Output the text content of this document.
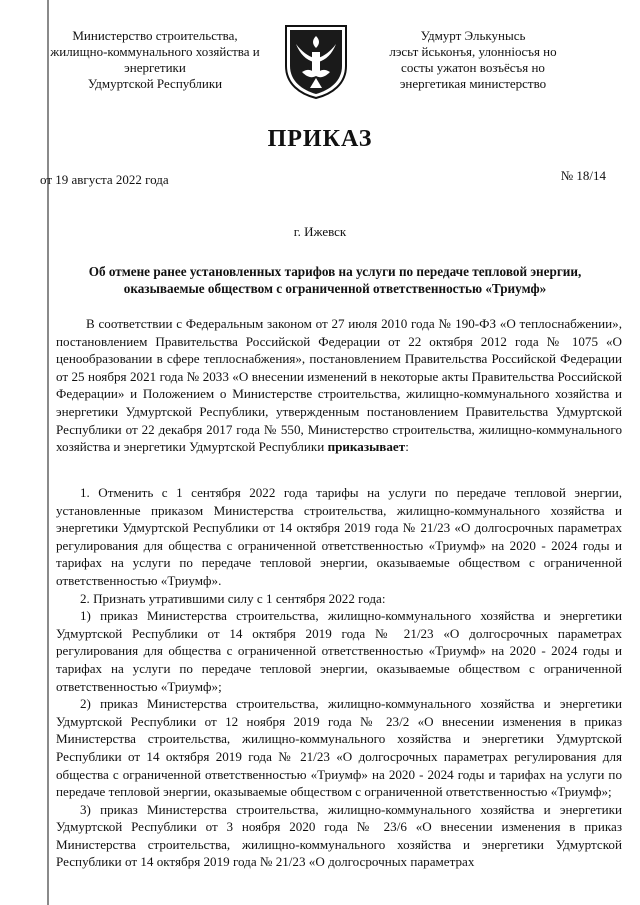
Министерство строительства,
жилищно-коммунального хозяйства и
энергетики
Удмуртской Республики
Удмурт Элькунысь
лэсьт йськонъя, улоннioсъя но
сoсты ужатон вoзъёсъя но
энергетикая министерство
ПРИКАЗ
от 19 августа 2022 года	№ 18/14
г. Ижевск
Об отмене ранее установленных тарифов на услуги по передаче тепловой энергии,
оказываемые обществом с ограниченной ответственностью «Триумф»

В соответствии с Федеральным законом от 27 июля 2010 года № 190-ФЗ «О теплоснабжении», постановлением Правительства Российской Федерации от 22 октября 2012 года № 1075 «О ценообразовании в сфере теплоснабжения», постановлением Правительства Российской Федерации от 25 ноября 2021 года № 2033 «О внесении изменений в некоторые акты Правительства Российской Федерации» и Положением о Министерстве строительства, жилищно-коммунального хозяйства и энергетики Удмуртской Республики, утвержденным постановлением Правительства Удмуртской Республики от 22 декабря 2017 года № 550, Министерство строительства, жилищно-коммунального хозяйства и энергетики Удмуртской Республики приказывает:

1. Отменить с 1 сентября 2022 года тарифы на услуги по передаче тепловой энергии, установленные приказом Министерства строительства, жилищно-коммунального хозяйства и энергетики Удмуртской Республики от 14 октября 2019 года № 21/23 «О долгосрочных параметрах регулирования для общества с ограниченной ответственностью «Триумф» на 2020 - 2024 годы и тарифах на услуги по передаче тепловой энергии, оказываемые обществом с ограниченной ответственностью «Триумф».

2. Признать утратившими силу с 1 сентября 2022 года:

1) приказ Министерства строительства, жилищно-коммунального хозяйства и энергетики Удмуртской Республики от 14 октября 2019 года № 21/23 «О долгосрочных параметрах регулирования для общества с ограниченной ответственностью «Триумф» на 2020 - 2024 годы и тарифах на услуги по передаче тепловой энергии, оказываемые обществом с ограниченной ответственностью «Триумф»;

2) приказ Министерства строительства, жилищно-коммунального хозяйства и энергетики Удмуртской Республики от 12 ноября 2019 года № 23/2 «О внесении изменения в приказ Министерства строительства, жилищно-коммунального хозяйства и энергетики Удмуртской Республики от 14 октября 2019 года № 21/23 «О долгосрочных параметрах регулирования для общества с ограниченной ответственностью «Триумф» на 2020 - 2024 годы и тарифах на услуги по передаче тепловой энергии, оказываемые обществом с ограниченной ответственностью «Триумф»;

3) приказ Министерства строительства, жилищно-коммунального хозяйства и энергетики Удмуртской Республики от 3 ноября 2020 года № 23/6 «О внесении изменения в приказ Министерства строительства, жилищно-коммунального хозяйства и энергетики Удмуртской Республики от 14 октября 2019 года № 21/23 «О долгосрочных параметрах
